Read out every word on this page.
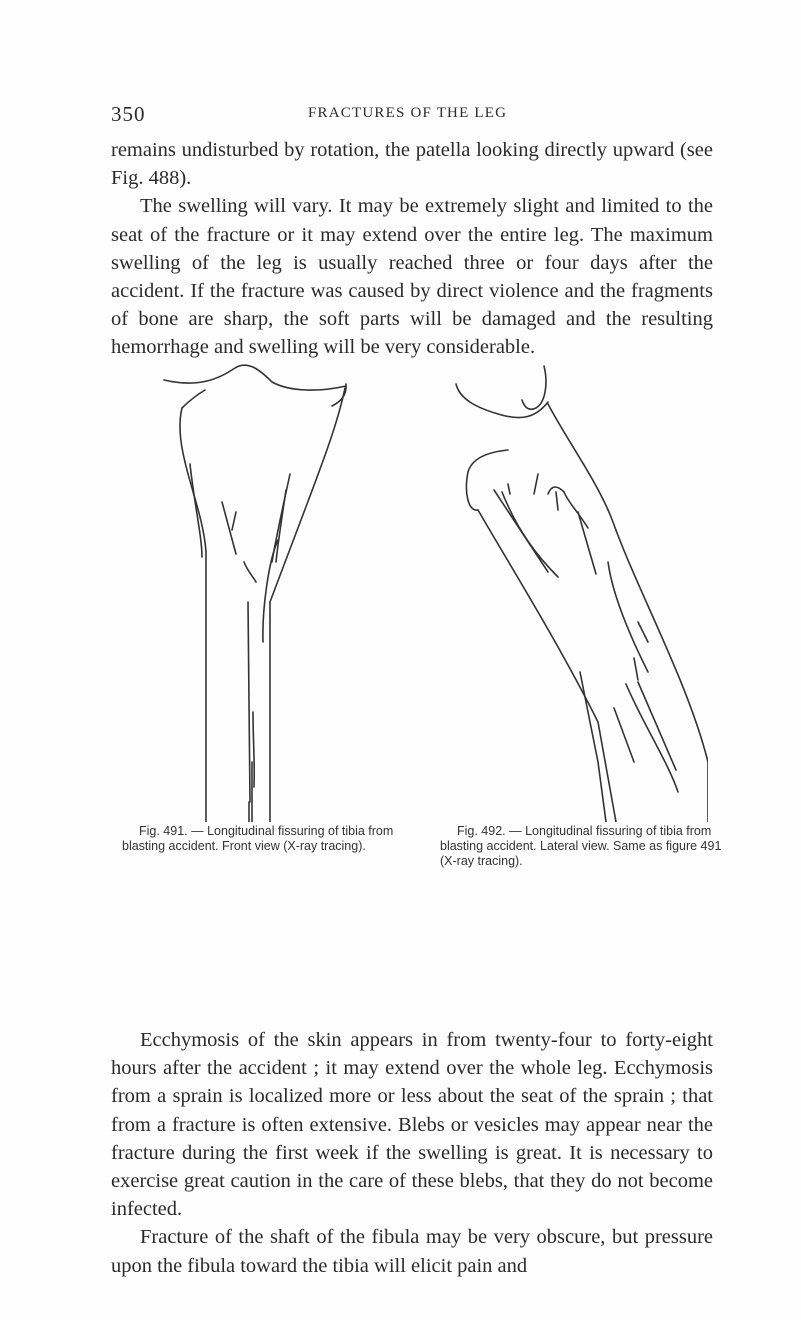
350	FRACTURES OF THE LEG

remains undisturbed by rotation, the patella looking directly upward (see Fig. 488).

The swelling will vary. It may be extremely slight and limited to the seat of the fracture or it may extend over the entire leg. The maximum swelling of the leg is usually reached three or four days after the accident. If the fracture was caused by direct violence and the fragments of bone are sharp, the soft parts will be damaged and the resulting hemorrhage and swelling will be very considerable.

Fig. 491. — Longitudinal fissuring of tibia from blasting accident. Front view (X-ray tracing).

Fig. 492. — Longitudinal fissuring of tibia from blasting accident. Lateral view. Same as figure 491 (X-ray tracing).

Ecchymosis of the skin appears in from twenty-four to forty-eight hours after the accident ; it may extend over the whole leg. Ecchymosis from a sprain is localized more or less about the seat of the sprain ; that from a fracture is often extensive. Blebs or vesicles may appear near the fracture during the first week if the swelling is great. It is necessary to exercise great caution in the care of these blebs, that they do not become infected.

Fracture of the shaft of the fibula may be very obscure, but pressure upon the fibula toward the tibia will elicit pain and
